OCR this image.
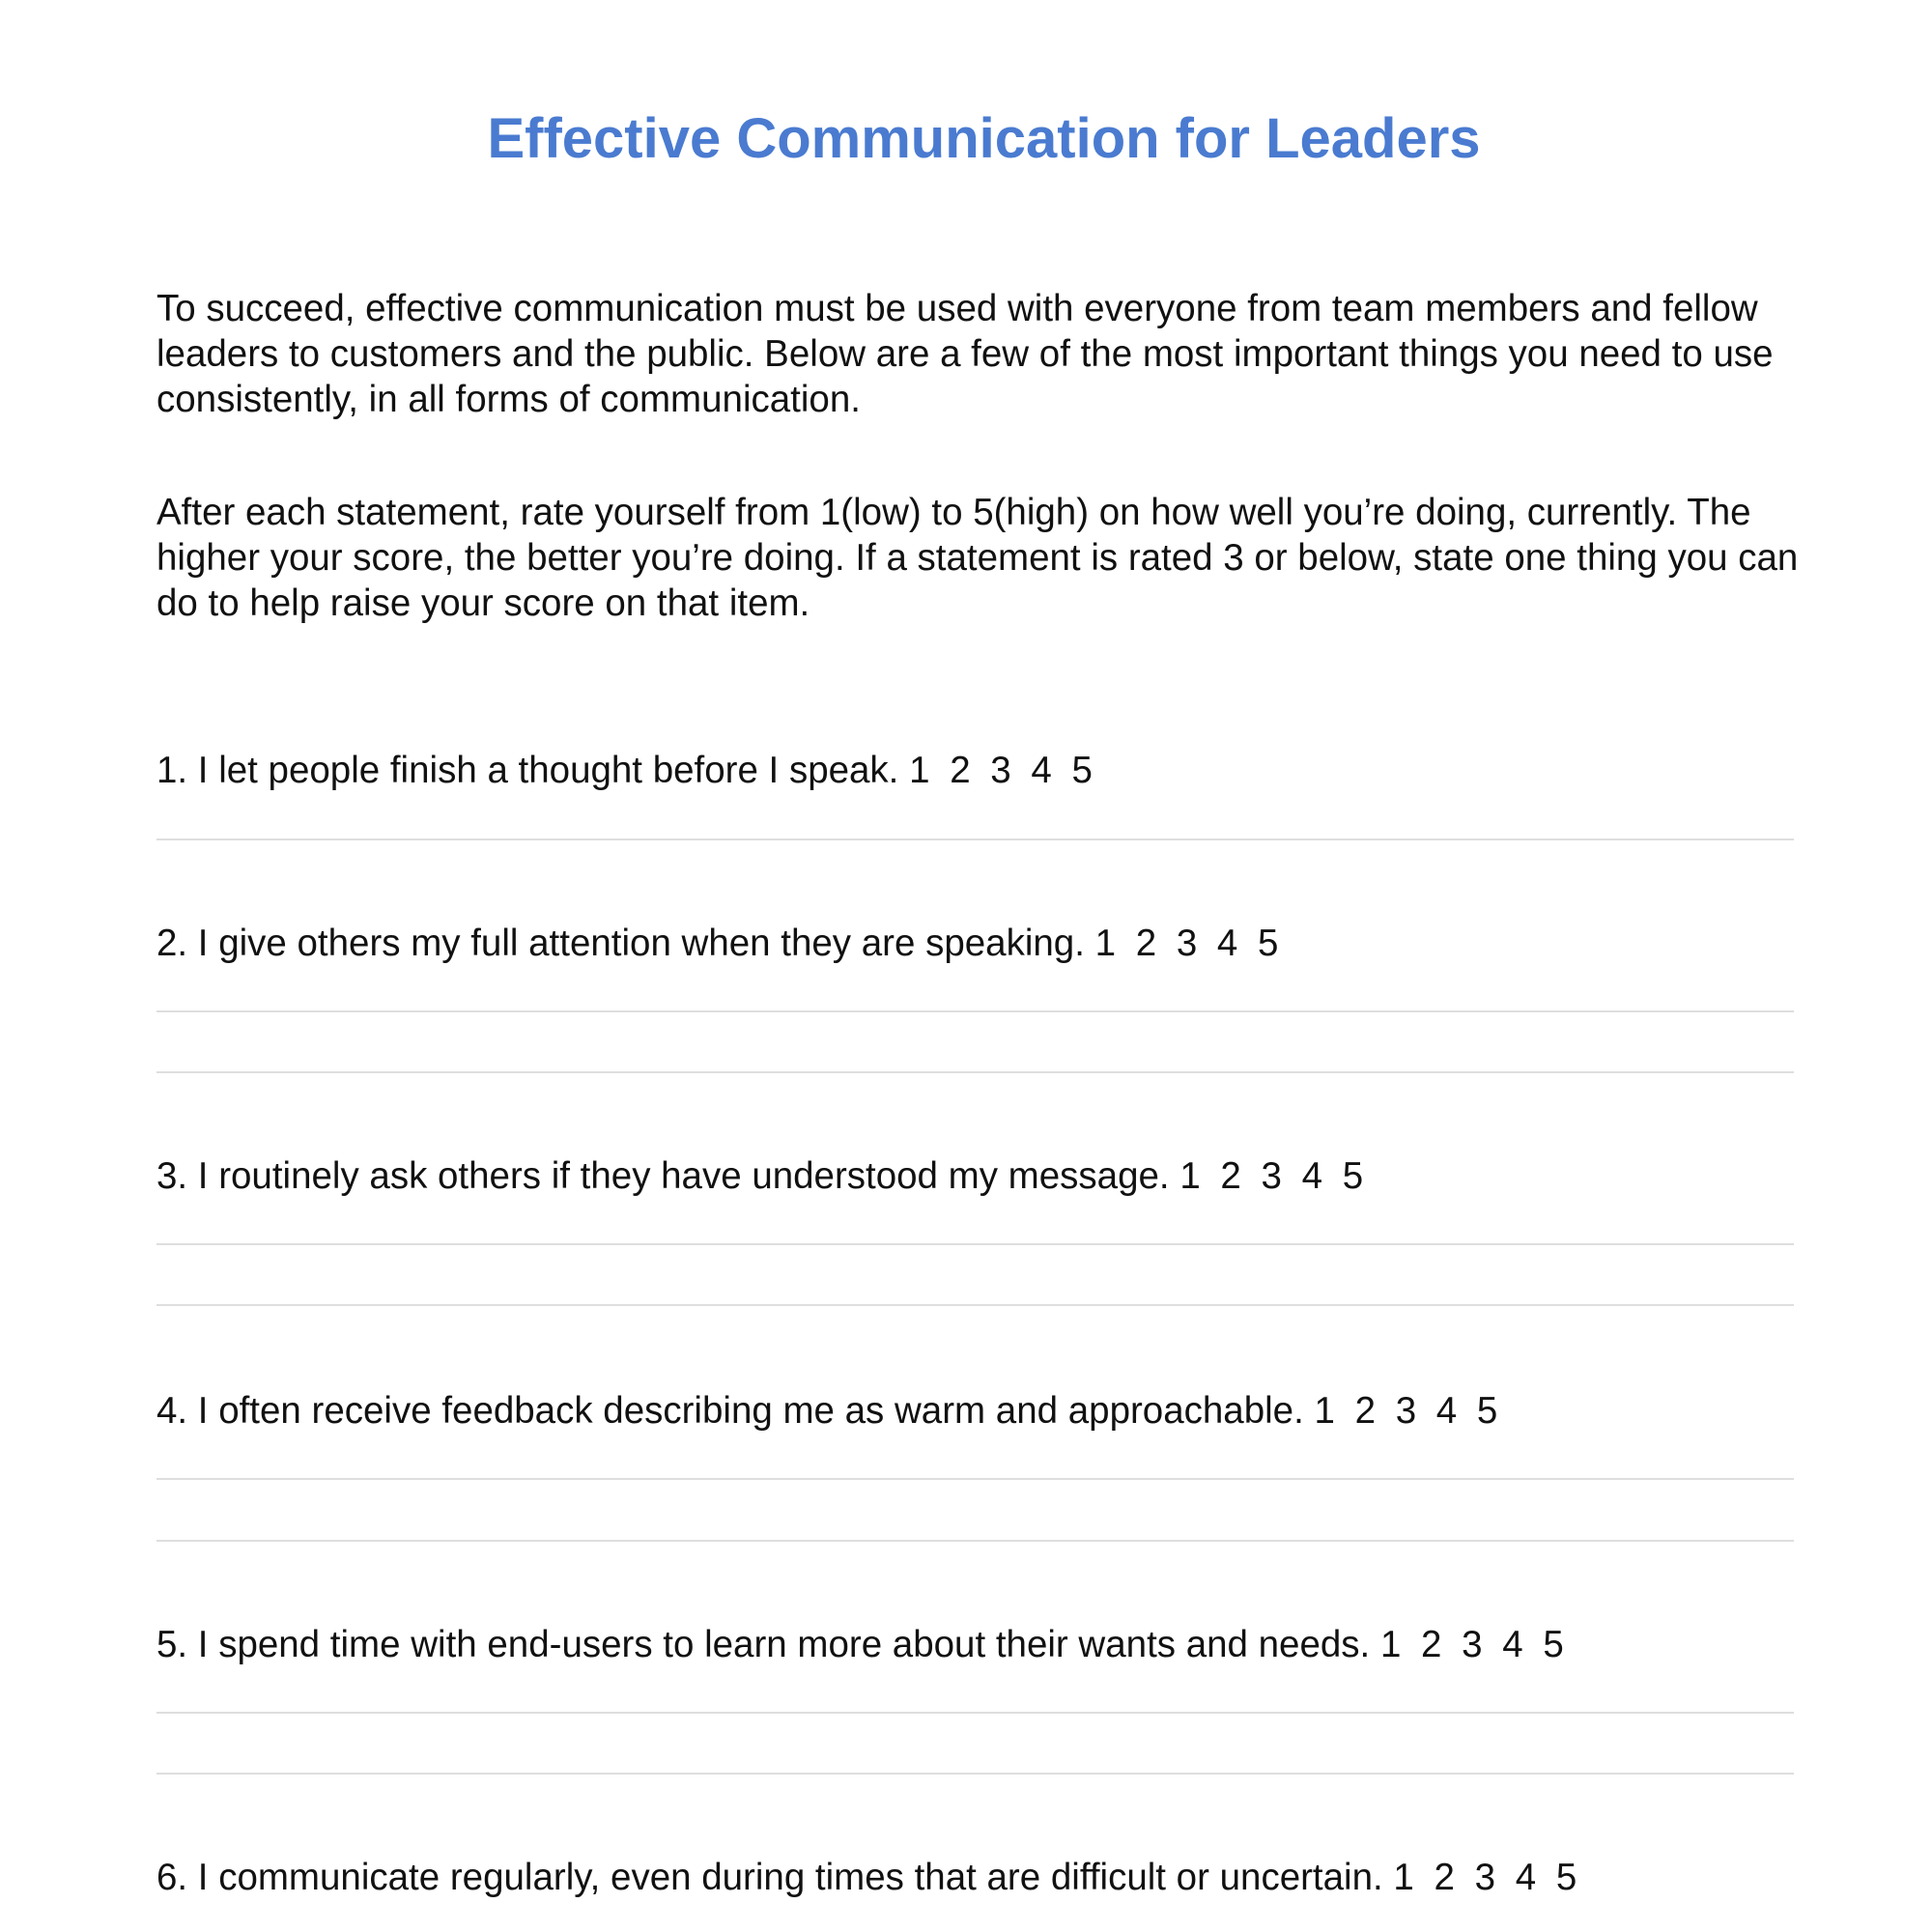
Effective Communication for Leaders

To succeed, effective communication must be used with everyone from team members and fellow leaders to customers and the public. Below are a few of the most important things you need to use consistently, in all forms of communication.

After each statement, rate yourself from 1(low) to 5(high) on how well you’re doing, currently. The higher your score, the better you’re doing. If a statement is rated 3 or below, state one thing you can do to help raise your score on that item.

1. I let people finish a thought before I speak. 1 2 3 4 5

2. I give others my full attention when they are speaking. 1 2 3 4 5

3. I routinely ask others if they have understood my message. 1 2 3 4 5

4. I often receive feedback describing me as warm and approachable. 1 2 3 4 5

5. I spend time with end-users to learn more about their wants and needs. 1 2 3 4 5

6. I communicate regularly, even during times that are difficult or uncertain. 1 2 3 4 5
